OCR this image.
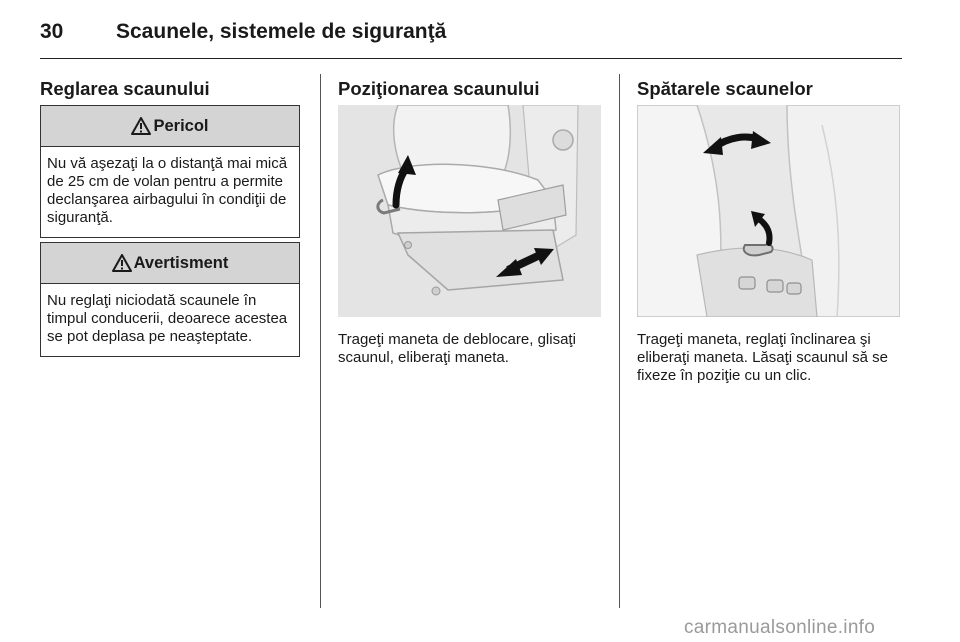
30	Scaunele, sistemele de siguranţă
Reglarea scaunului
Pericol
Nu vă aşezaţi la o distanţă mai mică de 25 cm de volan pentru a permite declanşarea airbagului în condiţii de siguranţă.
Avertisment
Nu reglaţi niciodată scaunele în timpul conducerii, deoarece acestea se pot deplasa pe neaşteptate.
Poziţionarea scaunului

Trageţi maneta de deblocare, glisaţi scaunul, eliberaţi maneta.

Spătarele scaunelor

Trageţi maneta, reglaţi înclinarea şi eliberaţi maneta. Lăsaţi scaunul să se fixeze în poziţie cu un clic.

carmanualsonline.info
